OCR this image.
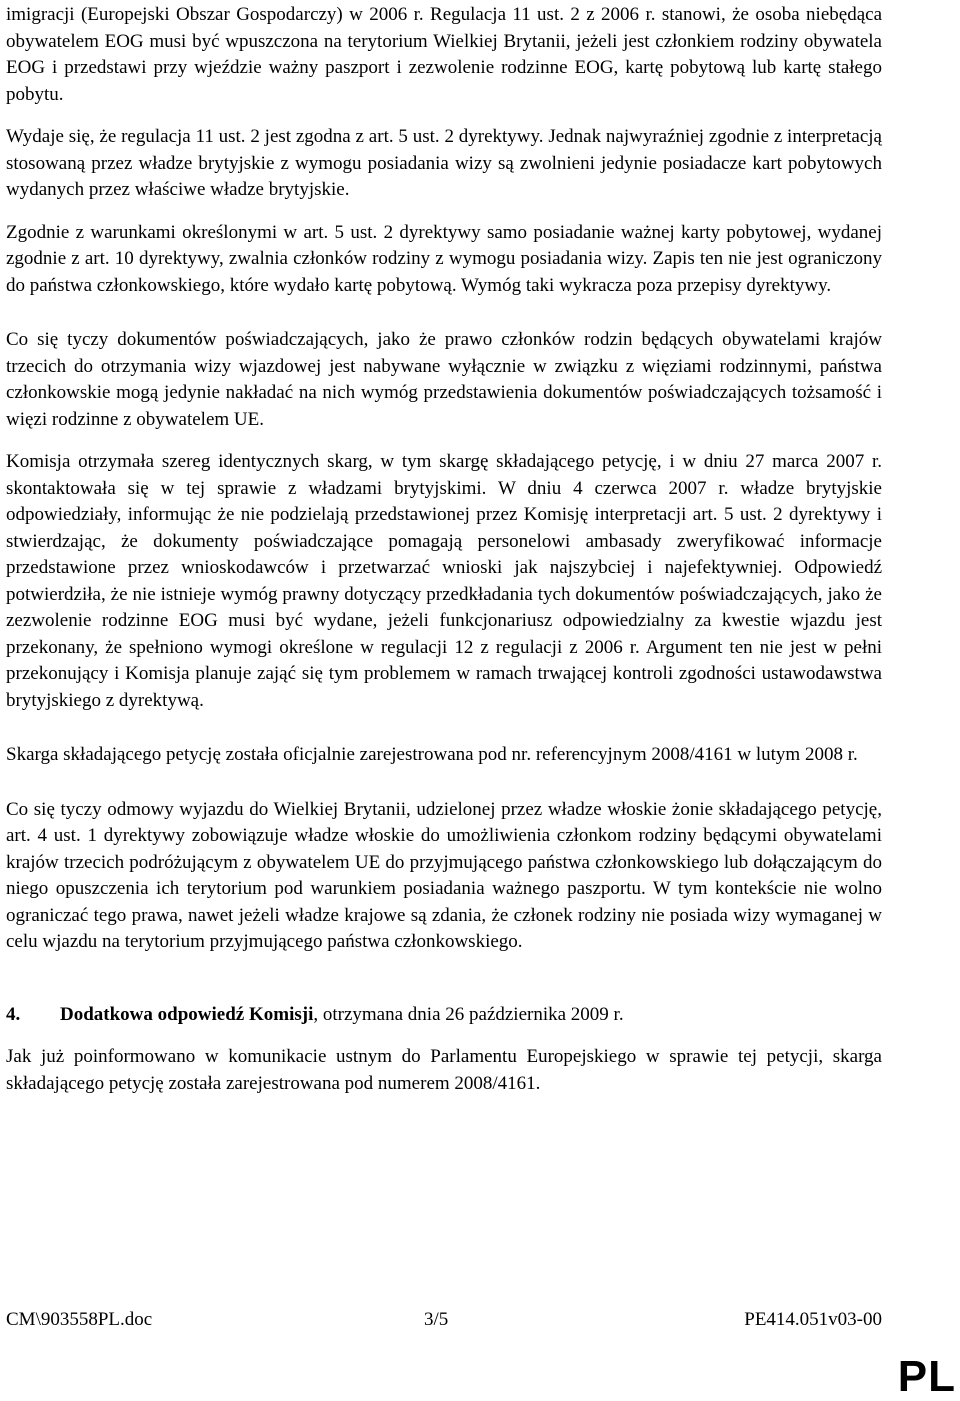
imigracji (Europejski Obszar Gospodarczy) w 2006 r. Regulacja 11 ust. 2 z 2006 r. stanowi, że osoba niebędąca obywatelem EOG musi być wpuszczona na terytorium Wielkiej Brytanii, jeżeli jest członkiem rodziny obywatela EOG i przedstawi przy wjeździe ważny paszport i zezwolenie rodzinne EOG, kartę pobytową lub kartę stałego pobytu.

Wydaje się, że regulacja 11 ust. 2 jest zgodna z art. 5 ust. 2 dyrektywy. Jednak najwyraźniej zgodnie z interpretacją stosowaną przez władze brytyjskie z wymogu posiadania wizy są zwolnieni jedynie posiadacze kart pobytowych wydanych przez właściwe władze brytyjskie.

Zgodnie z warunkami określonymi w art. 5 ust. 2 dyrektywy samo posiadanie ważnej karty pobytowej, wydanej zgodnie z art. 10 dyrektywy, zwalnia członków rodziny z wymogu posiadania wizy. Zapis ten nie jest ograniczony do państwa członkowskiego, które wydało kartę pobytową. Wymóg taki wykracza poza przepisy dyrektywy.

Co się tyczy dokumentów poświadczających, jako że prawo członków rodzin będących obywatelami krajów trzecich do otrzymania wizy wjazdowej jest nabywane wyłącznie w związku z więziami rodzinnymi, państwa członkowskie mogą jedynie nakładać na nich wymóg przedstawienia dokumentów poświadczających tożsamość i więzi rodzinne z obywatelem UE.

Komisja otrzymała szereg identycznych skarg, w tym skargę składającego petycję, i w dniu 27 marca 2007 r. skontaktowała się w tej sprawie z władzami brytyjskimi. W dniu 4 czerwca 2007 r. władze brytyjskie odpowiedziały, informując że nie podzielają przedstawionej przez Komisję interpretacji art. 5 ust. 2 dyrektywy i stwierdzając, że dokumenty poświadczające pomagają personelowi ambasady zweryfikować informacje przedstawione przez wnioskodawców i przetwarzać wnioski jak najszybciej i najefektywniej. Odpowiedź potwierdziła, że nie istnieje wymóg prawny dotyczący przedkładania tych dokumentów poświadczających, jako że zezwolenie rodzinne EOG musi być wydane, jeżeli funkcjonariusz odpowiedzialny za kwestie wjazdu jest przekonany, że spełniono wymogi określone w regulacji 12 z regulacji z 2006 r. Argument ten nie jest w pełni przekonujący i Komisja planuje zająć się tym problemem w ramach trwającej kontroli zgodności ustawodawstwa brytyjskiego z dyrektywą.

Skarga składającego petycję została oficjalnie zarejestrowana pod nr. referencyjnym 2008/4161 w lutym 2008 r.

Co się tyczy odmowy wyjazdu do Wielkiej Brytanii, udzielonej przez władze włoskie żonie składającego petycję, art. 4 ust. 1 dyrektywy zobowiązuje władze włoskie do umożliwienia członkom rodziny będącymi obywatelami krajów trzecich podróżującym z obywatelem UE do przyjmującego państwa członkowskiego lub dołączającym do niego opuszczenia ich terytorium pod warunkiem posiadania ważnego paszportu. W tym kontekście nie wolno ograniczać tego prawa, nawet jeżeli władze krajowe są zdania, że członek rodziny nie posiada wizy wymaganej w celu wjazdu na terytorium przyjmującego państwa członkowskiego.

4.	Dodatkowa odpowiedź Komisji, otrzymana dnia 26 października 2009 r.

Jak już poinformowano w komunikacie ustnym do Parlamentu Europejskiego w sprawie tej petycji, skarga składającego petycję została zarejestrowana pod numerem 2008/4161.

CM\903558PL.doc	3/5	PE414.051v03-00
PL
